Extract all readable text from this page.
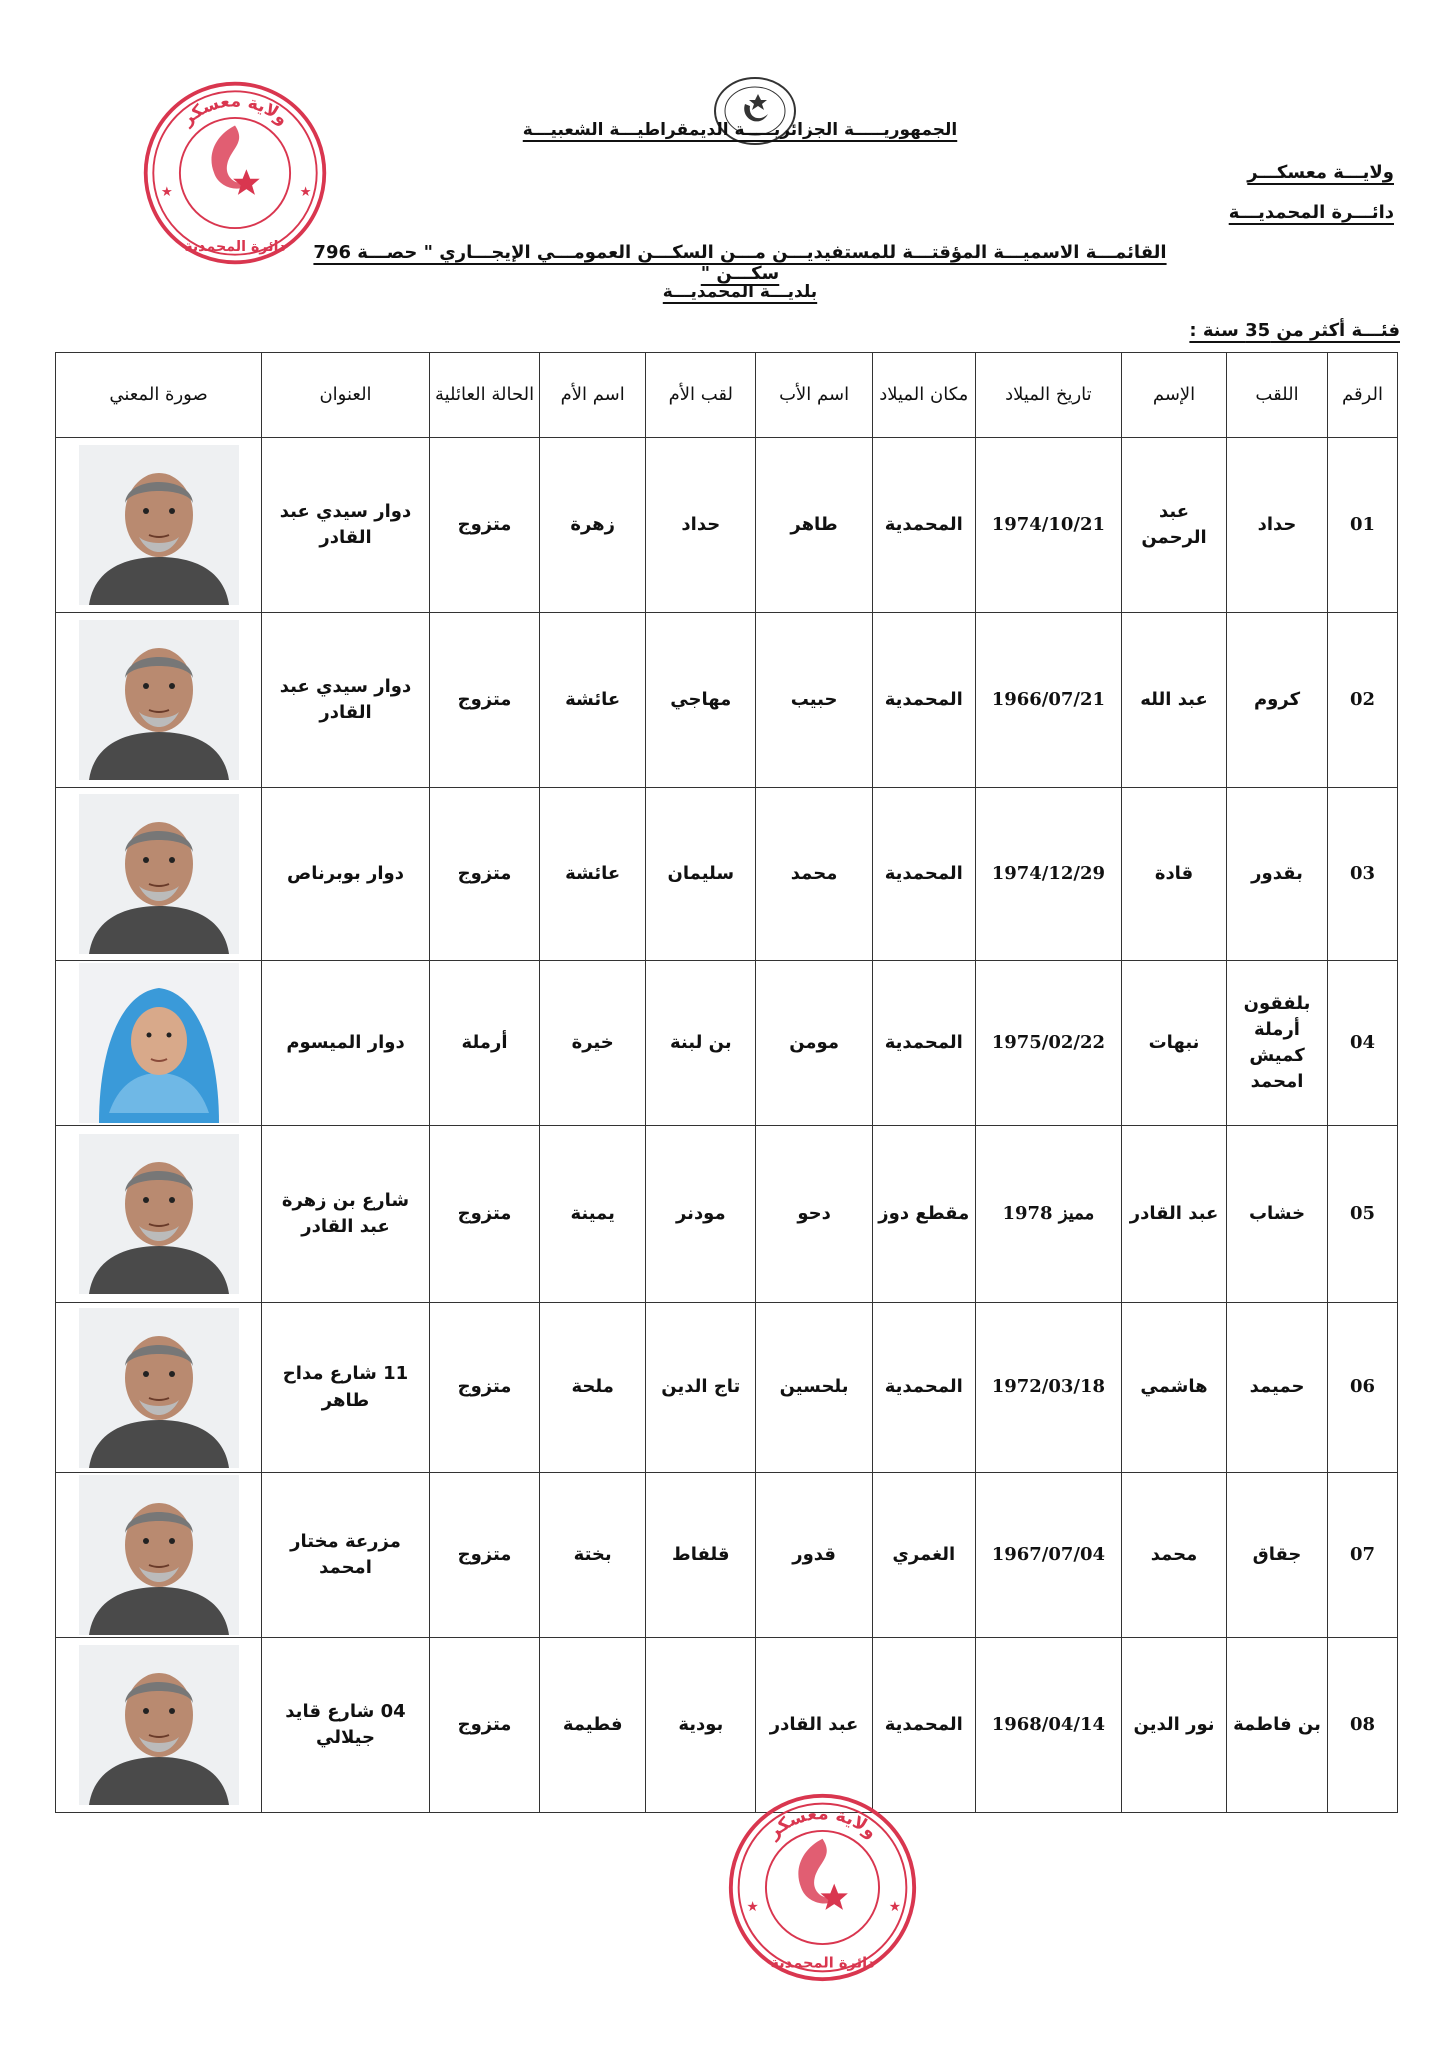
ولاية معسكر
دائرة المحمدية
★	★
الجمهوريـــــة الجزائريـــــة الديمقراطيـــة الشعبيـــة
ولايـــة معسكـــر
دائـــرة المحمديـــة
القائمـــة الاسميـــة المؤقتـــة للمستفيديـــن مـــن السكـــن العمومـــي الإيجـــاري " حصـــة 796 سكـــن "
بلديـــة المحمديـــة
فئـــة أكثر من 35 سنة :
الرقم	اللقب	الإسم	تاريخ الميلاد	مكان الميلاد	اسم الأب	لقب الأم	اسم الأم	الحالة العائلية	العنوان	صورة المعني
01	حداد	عبد الرحمن	1974/10/21	المحمدية	طاهر	حداد	زهرة	متزوج	دوار سيدي عبد القادر	

02	كروم	عبد الله	1966/07/21	المحمدية	حبيب	مهاجي	عائشة	متزوج	دوار سيدي عبد القادر	

03	بقدور	قادة	1974/12/29	المحمدية	محمد	سليمان	عائشة	متزوج	دوار بوبرناص	

04	بلفقون أرملة كميش امحمد	نبهات	1975/02/22	المحمدية	مومن	بن لبنة	خيرة	أرملة	دوار الميسوم	

05	خشاب	عبد القادر	مميز 1978	مقطع دوز	دحو	مودنر	يمينة	متزوج	شارع بن زهرة عبد القادر	

06	حميمد	هاشمي	1972/03/18	المحمدية	بلحسين	تاج الدين	ملحة	متزوج	11 شارع مداح طاهر	

07	جقاق	محمد	1967/07/04	الغمري	قدور	قلفاط	بختة	متزوج	مزرعة مختار امحمد	

08	بن فاطمة	نور الدين	1968/04/14	المحمدية	عبد القادر	بودية	فطيمة	متزوج	04 شارع قايد جيلالي	
ولاية معسكر
دائرة المحمدية
★	★
